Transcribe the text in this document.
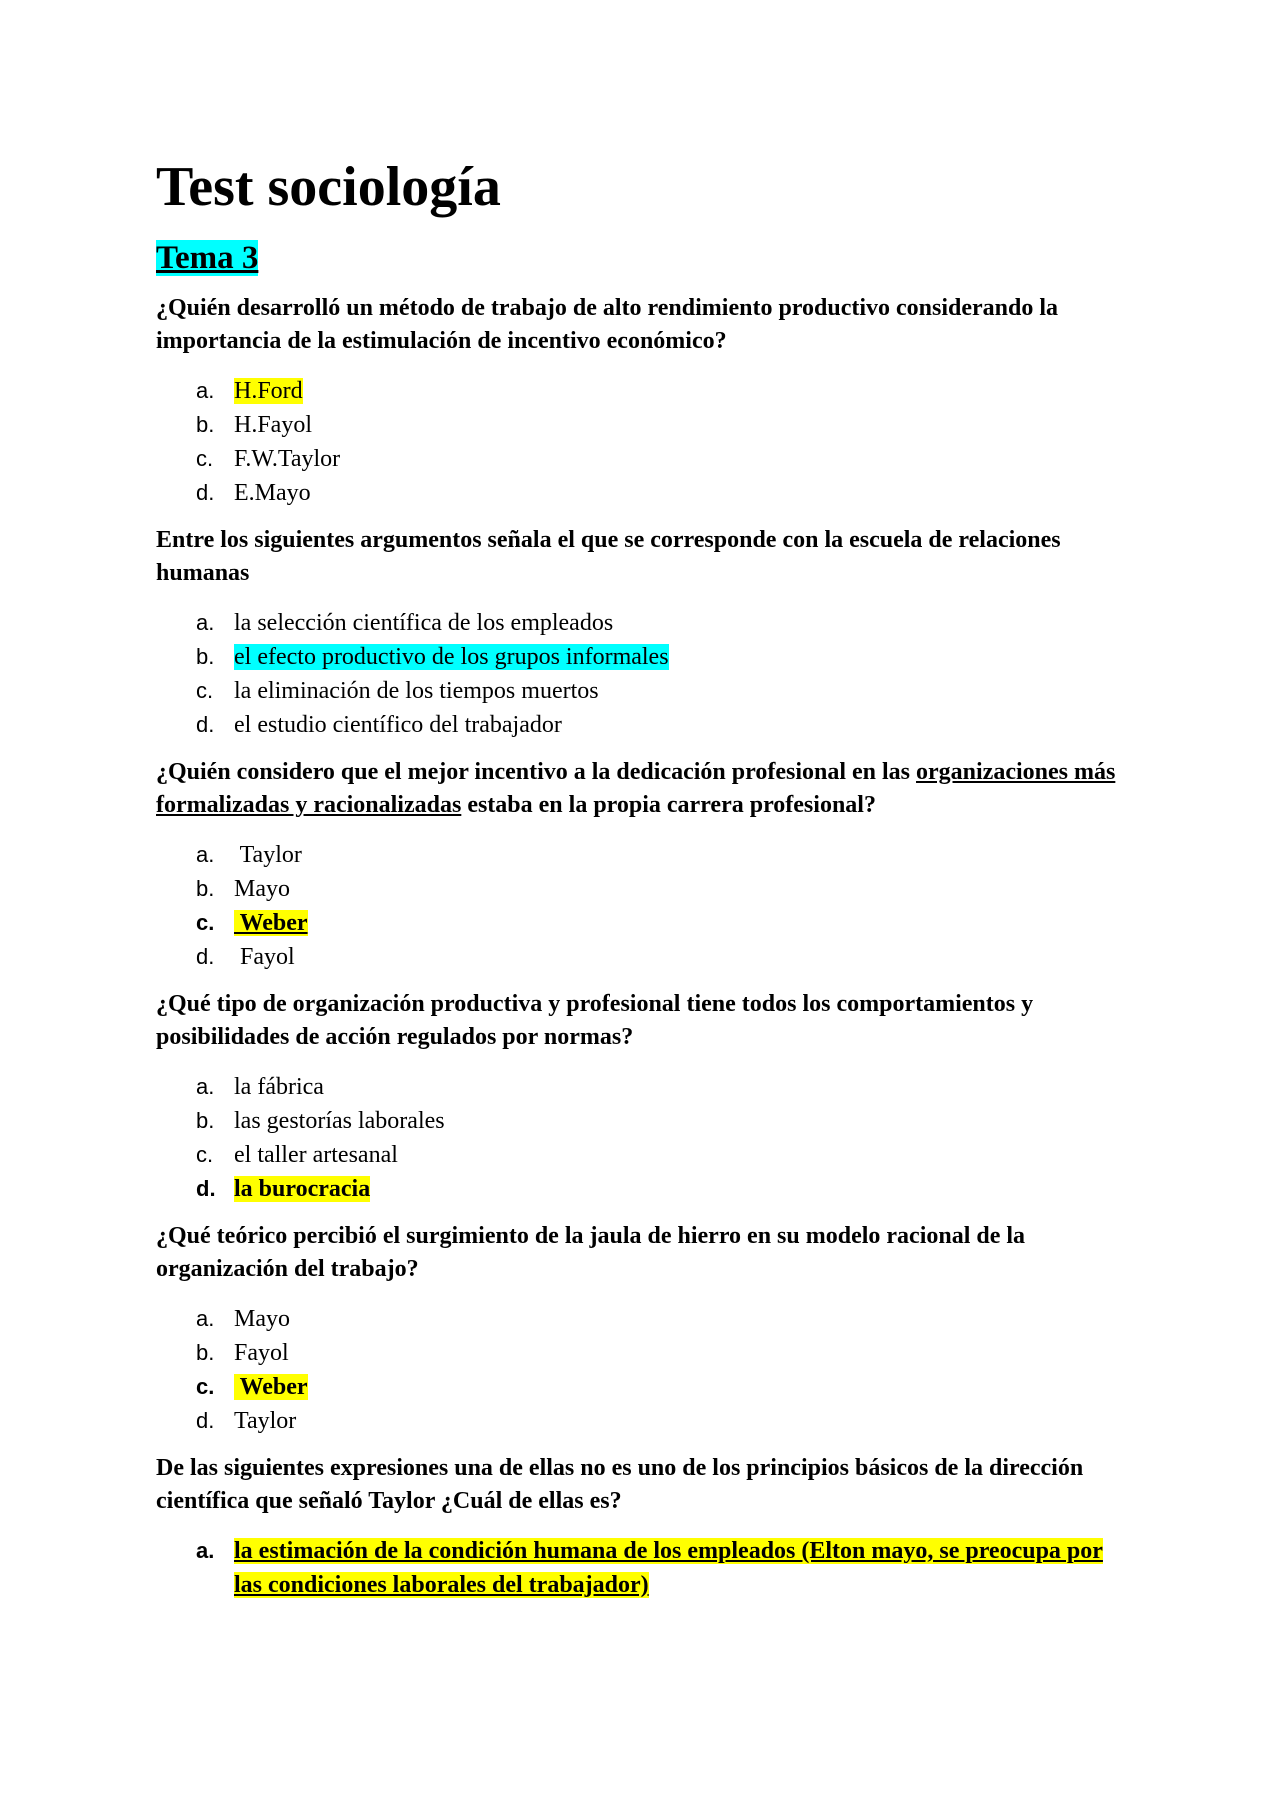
Test sociología
Tema 3

¿Quién desarrolló un método de trabajo de alto rendimiento productivo considerando la importancia de la estimulación de incentivo económico?

a. H.Ford
b. H.Fayol
c. F.W.Taylor
d. E.Mayo

Entre los siguientes argumentos señala el que se corresponde con la escuela de relaciones humanas

a. la selección científica de los empleados
b. el efecto productivo de los grupos informales
c. la eliminación de los tiempos muertos
d. el estudio científico del trabajador

¿Quién considero que el mejor incentivo a la dedicación profesional en las organizaciones más formalizadas y racionalizadas estaba en la propia carrera profesional?

a. Taylor
b. Mayo
c. Weber
d. Fayol

¿Qué tipo de organización productiva y profesional tiene todos los comportamientos y posibilidades de acción regulados por normas?

a. la fábrica
b. las gestorías laborales
c. el taller artesanal
d. la burocracia

¿Qué teórico percibió el surgimiento de la jaula de hierro en su modelo racional de la organización del trabajo?

a. Mayo
b. Fayol
c. Weber
d. Taylor

De las siguientes expresiones una de ellas no es uno de los principios básicos de la dirección científica que señaló Taylor ¿Cuál de ellas es?

a. la estimación de la condición humana de los empleados (Elton mayo, se preocupa por las condiciones laborales del trabajador)
